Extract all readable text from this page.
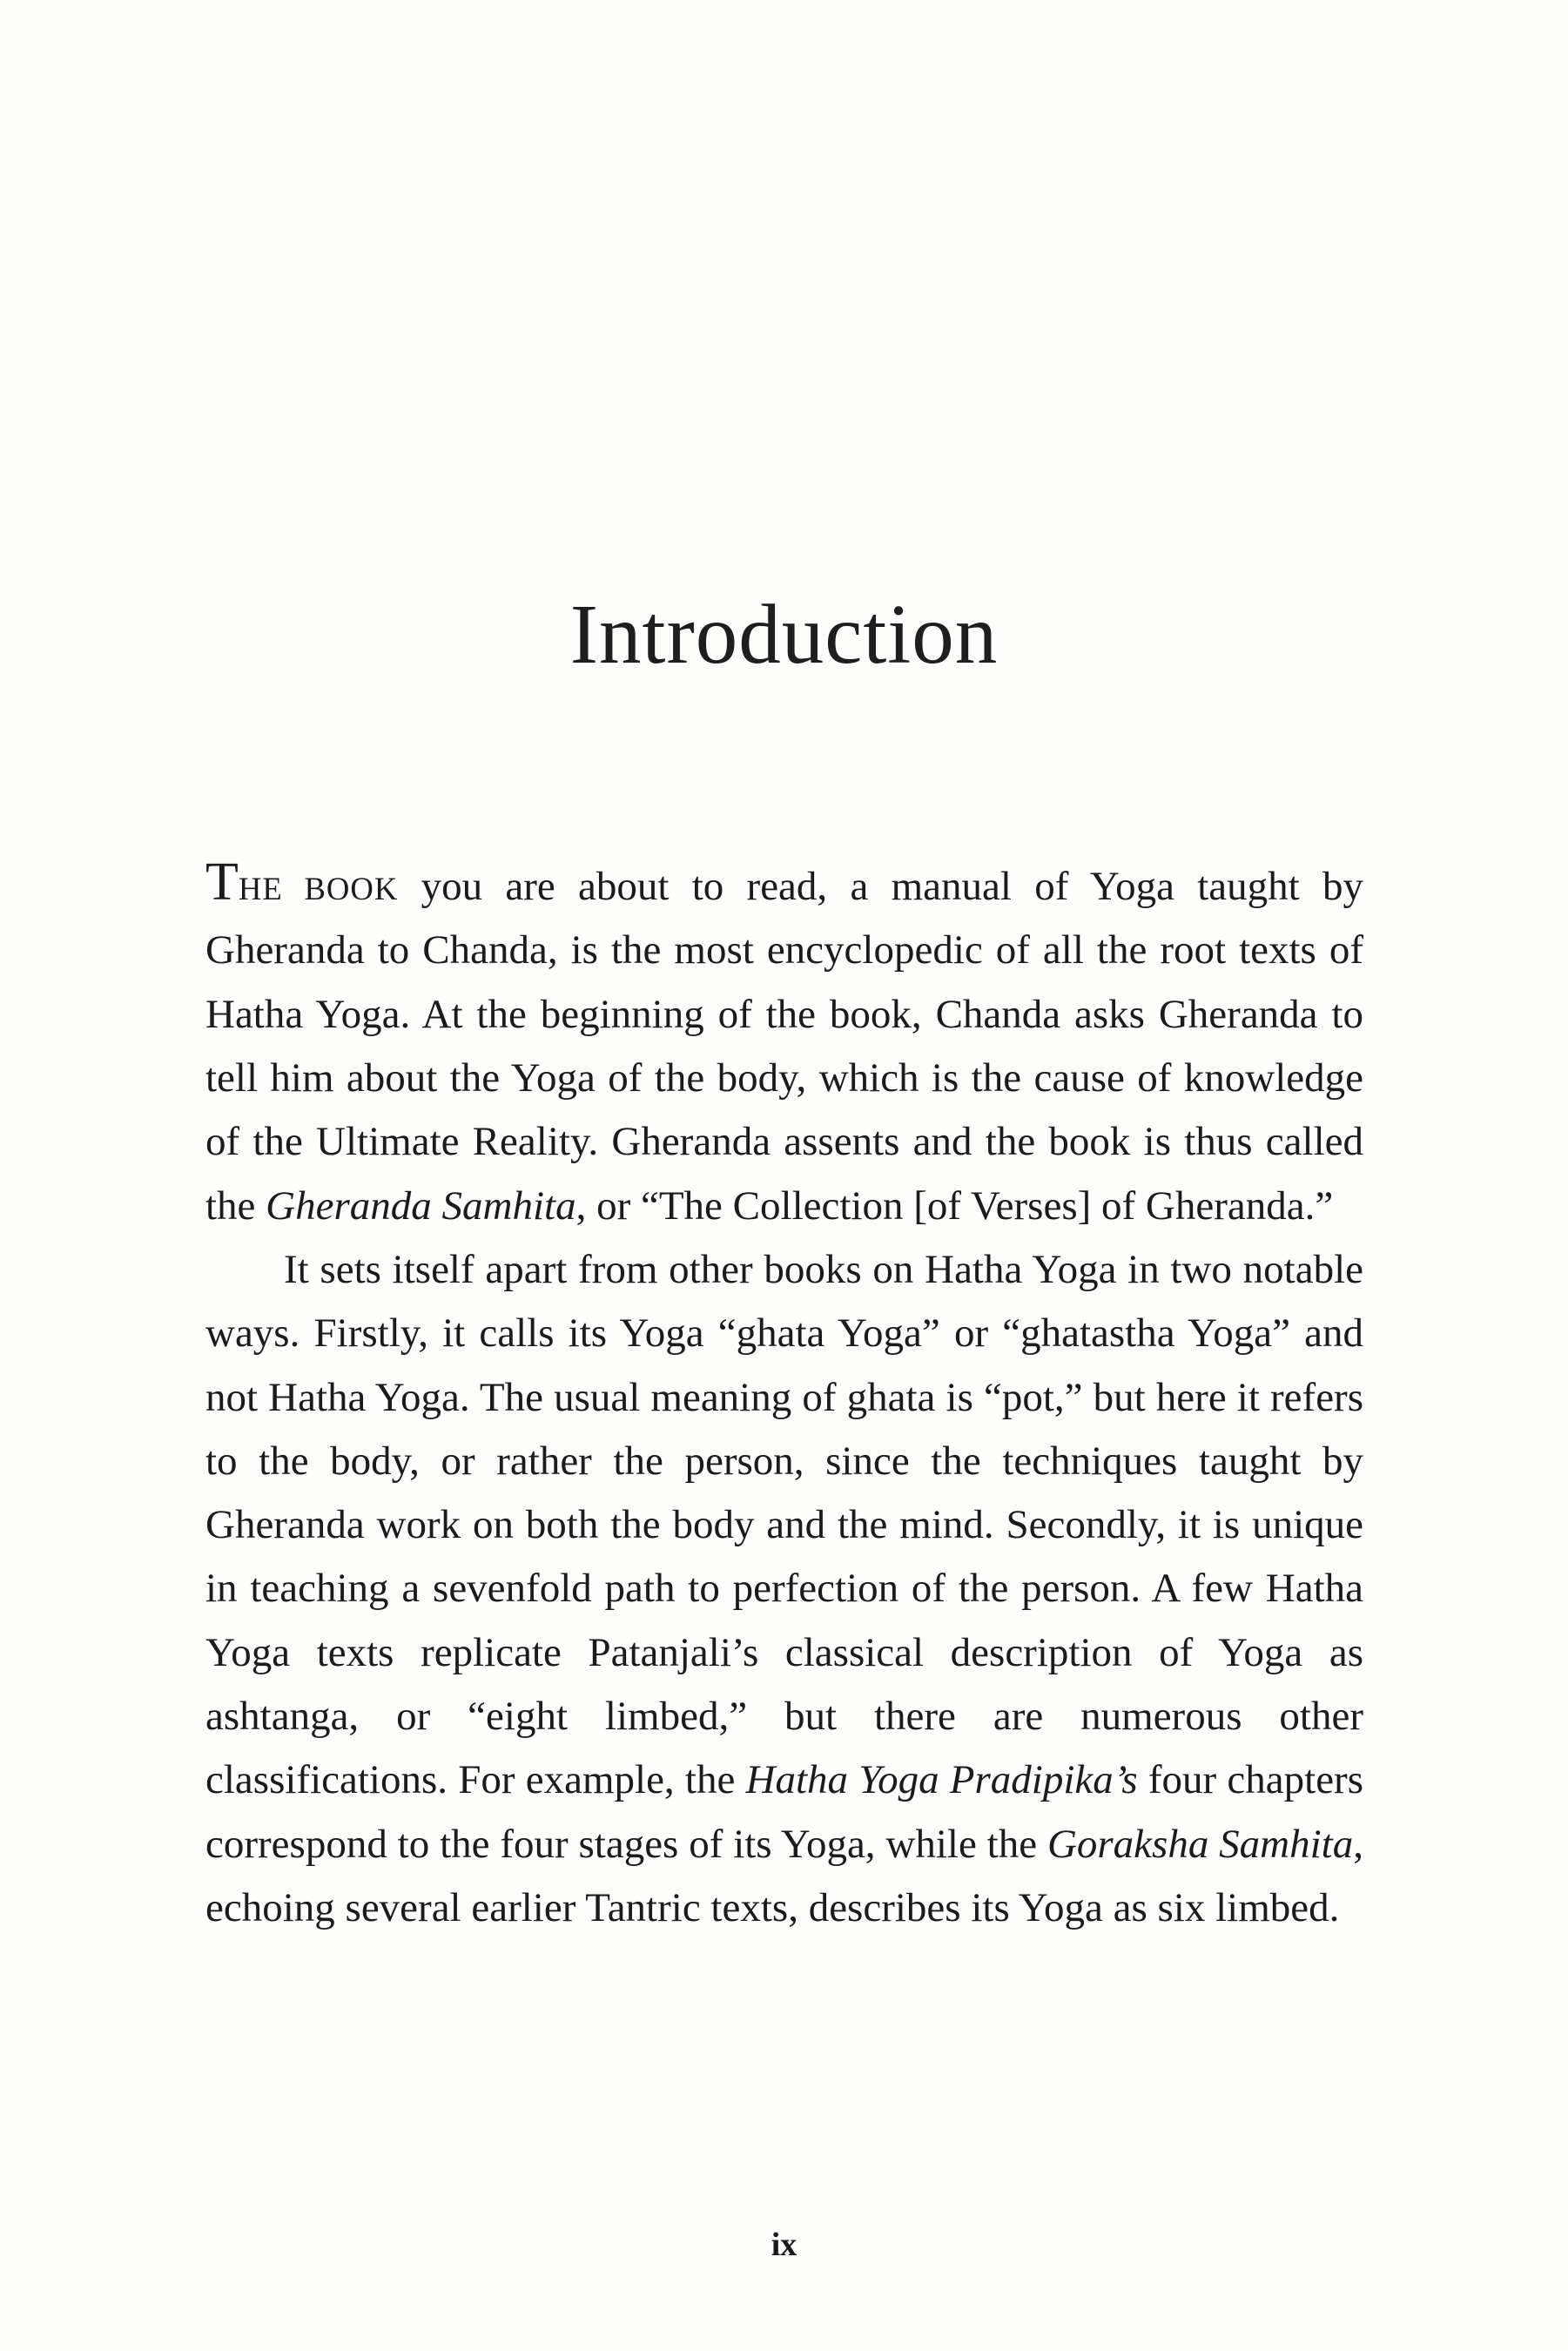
Introduction

THE BOOK you are about to read, a manual of Yoga taught by Gheranda to Chanda, is the most encyclopedic of all the root texts of Hatha Yoga. At the beginning of the book, Chanda asks Gheranda to tell him about the Yoga of the body, which is the cause of knowledge of the Ultimate Reality. Gheranda assents and the book is thus called the Gheranda Samhita, or “The Collection [of Verses] of Gheranda.”

It sets itself apart from other books on Hatha Yoga in two notable ways. Firstly, it calls its Yoga “ghata Yoga” or “ghatastha Yoga” and not Hatha Yoga. The usual meaning of ghata is “pot,” but here it refers to the body, or rather the person, since the techniques taught by Gheranda work on both the body and the mind. Secondly, it is unique in teaching a sevenfold path to perfection of the person. A few Hatha Yoga texts replicate Patanjali’s classical description of Yoga as ashtanga, or “eight limbed,” but there are numerous other classifications. For example, the Hatha Yoga Pradipika’s four chapters correspond to the four stages of its Yoga, while the Goraksha Samhita, echoing several earlier Tantric texts, describes its Yoga as six limbed.

ix
